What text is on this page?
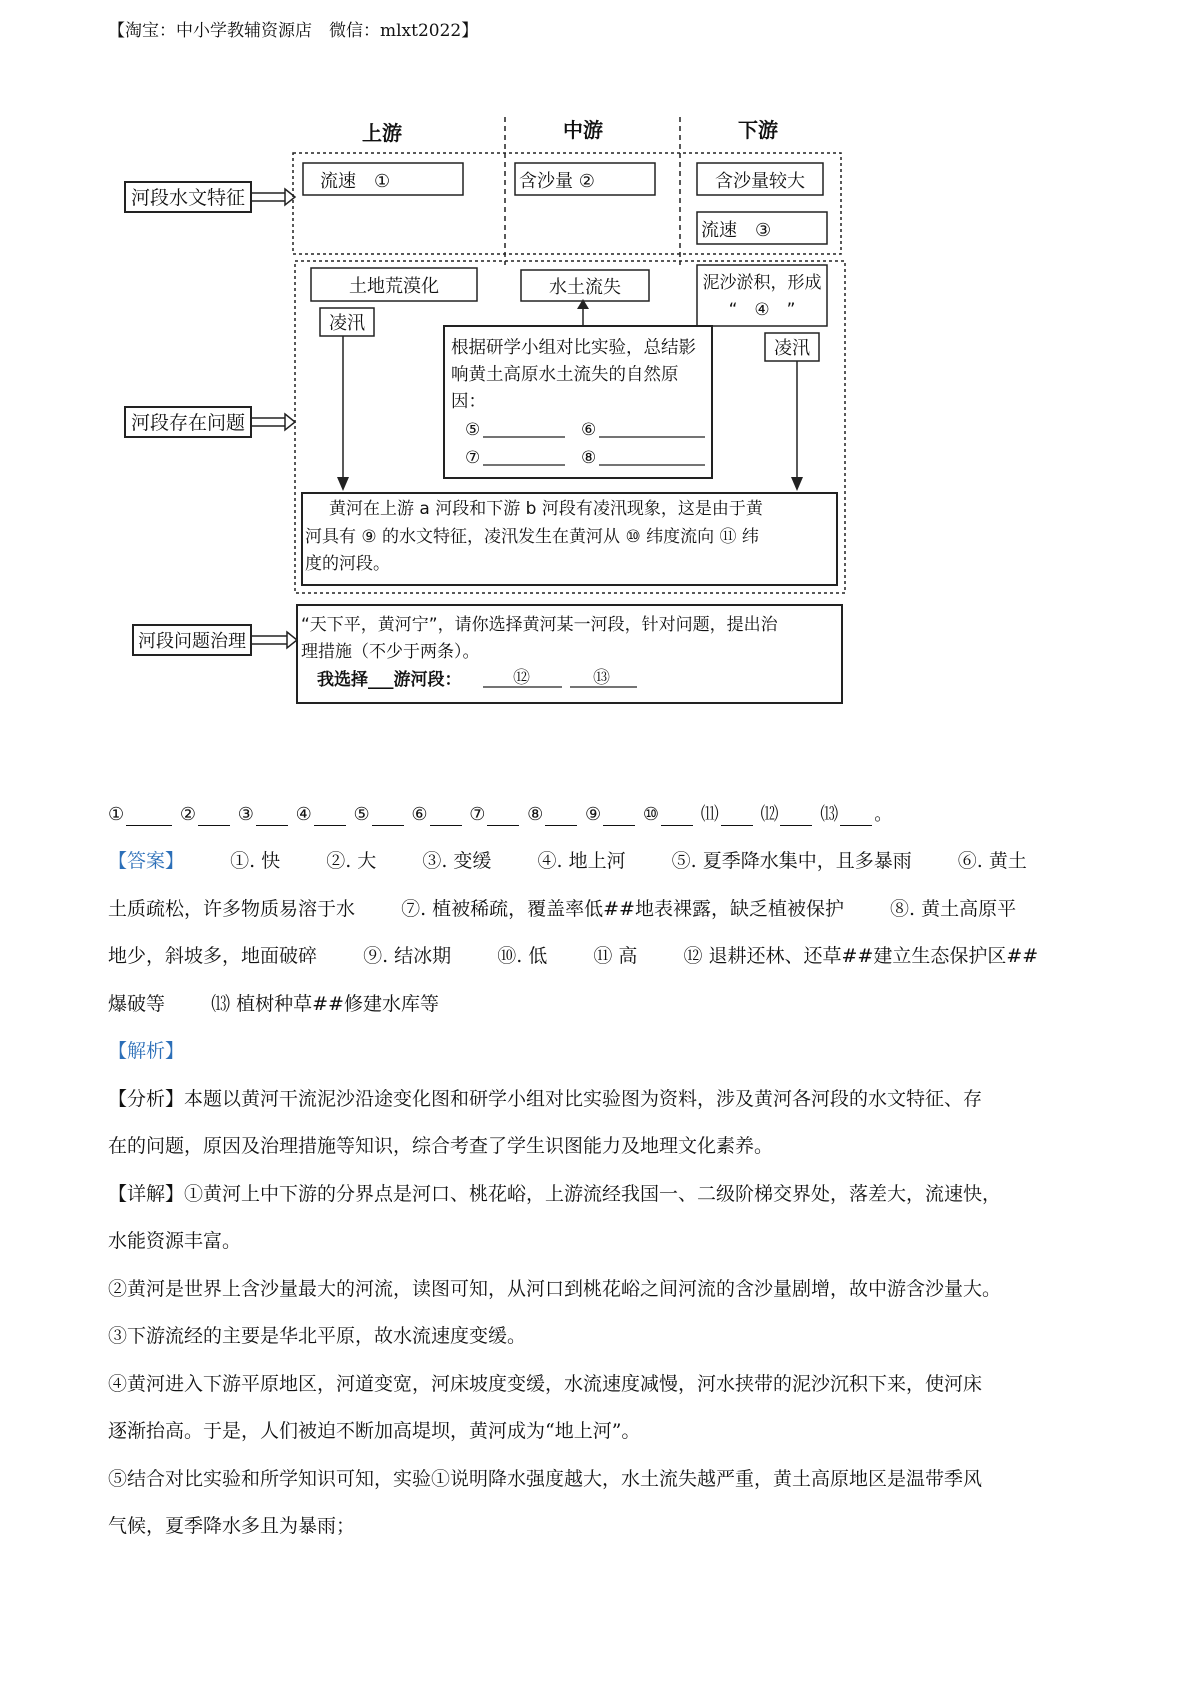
【淘宝：中小学教辅资源店　微信：mlxt2022】
上游	中游	下游
河段水文特征
流速　①	含沙量 ②	含沙量较大
流速　③
河段存在问题
土地荒漠化	水土流失	泥沙淤积，形成
“　④　”
凌汛
凌汛
根据研学小组对比实验，总结影
响黄土高原水土流失的自然原
因：
⑤	⑥
⑦	⑧
黄河在上游 a 河段和下游 b 河段有凌汛现象，这是由于黄
河具有 ⑨ 的水文特征，凌汛发生在黄河从 ⑩ 纬度流向 ⑪ 纬
度的河段。
河段问题治理
“天下平，黄河宁”，请你选择黄河某一河段，针对问题，提出治
理措施（不少于两条）。
我选择___游河段：	⑫	⑬
①	② ③ ④ ⑤ ⑥ ⑦ ⑧ ⑨ ⑩ ⑾ ⑿ ⒀ 。

【答案】 ①. 快 ②. 大 ③. 变缓 ④. 地上河 ⑤. 夏季降水集中，且多暴雨 ⑥. 黄土

土质疏松，许多物质易溶于水 ⑦. 植被稀疏，覆盖率低##地表裸露，缺乏植被保护 ⑧. 黄土高原平

地少，斜坡多，地面破碎 ⑨. 结冰期 ⑩. 低 ⑪ 高 ⑫ 退耕还林、还草##建立生态保护区##

爆破等 ⒀ 植树种草##修建水库等

【解析】

【分析】本题以黄河干流泥沙沿途变化图和研学小组对比实验图为资料，涉及黄河各河段的水文特征、存

在的问题，原因及治理措施等知识，综合考查了学生识图能力及地理文化素养。

【详解】①黄河上中下游的分界点是河口、桃花峪，上游流经我国一、二级阶梯交界处，落差大，流速快，

水能资源丰富。

②黄河是世界上含沙量最大的河流，读图可知，从河口到桃花峪之间河流的含沙量剧增，故中游含沙量大。

③下游流经的主要是华北平原，故水流速度变缓。

④黄河进入下游平原地区，河道变宽，河床坡度变缓，水流速度减慢，河水挟带的泥沙沉积下来，使河床

逐渐抬高。于是，人们被迫不断加高堤坝，黄河成为“地上河”。

⑤结合对比实验和所学知识可知，实验①说明降水强度越大，水土流失越严重，黄土高原地区是温带季风

气候，夏季降水多且为暴雨；
